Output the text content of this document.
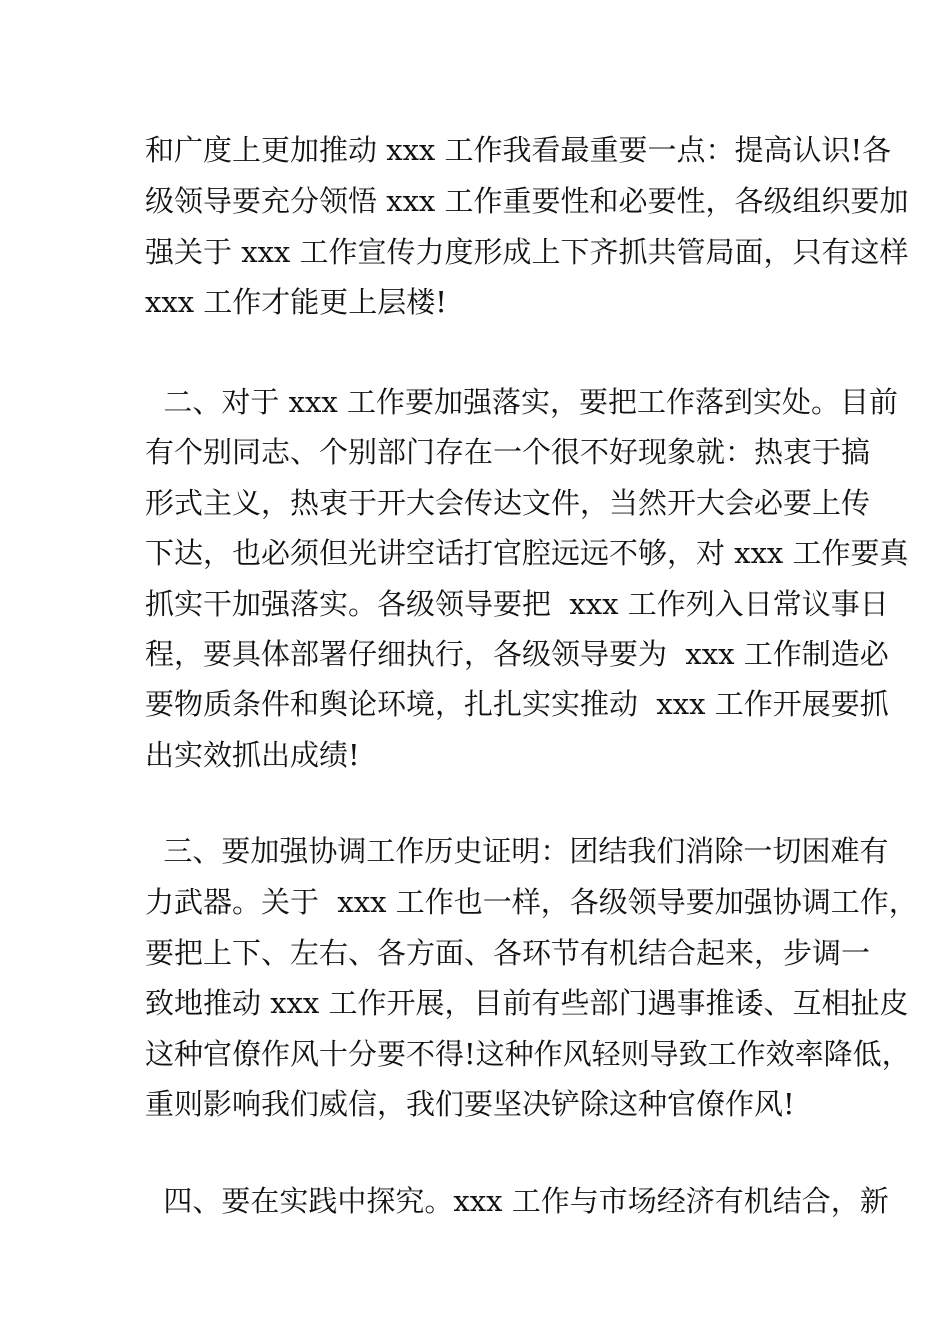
和广度上更加推动 xxx 工作我看最重要一点：提高认识!各
级领导要充分领悟 xxx 工作重要性和必要性，各级组织要加
强关于 xxx 工作宣传力度形成上下齐抓共管局面，只有这样
xxx 工作才能更上层楼!
二、对于 xxx 工作要加强落实，要把工作落到实处。目前
有个别同志、个别部门存在一个很不好现象就：热衷于搞
形式主义，热衷于开大会传达文件，当然开大会必要上传
下达，也必须但光讲空话打官腔远远不够，对 xxx 工作要真
抓实干加强落实。各级领导要把  xxx 工作列入日常议事日
程，要具体部署仔细执行，各级领导要为  xxx 工作制造必
要物质条件和舆论环境，扎扎实实推动  xxx 工作开展要抓
出实效抓出成绩!
三、要加强协调工作历史证明：团结我们消除一切困难有
力武器。关于  xxx 工作也一样，各级领导要加强协调工作，
要把上下、左右、各方面、各环节有机结合起来，步调一
致地推动 xxx 工作开展，目前有些部门遇事推诿、互相扯皮
这种官僚作风十分要不得!这种作风轻则导致工作效率降低，
重则影响我们威信，我们要坚决铲除这种官僚作风!
四、要在实践中探究。xxx 工作与市场经济有机结合，新
